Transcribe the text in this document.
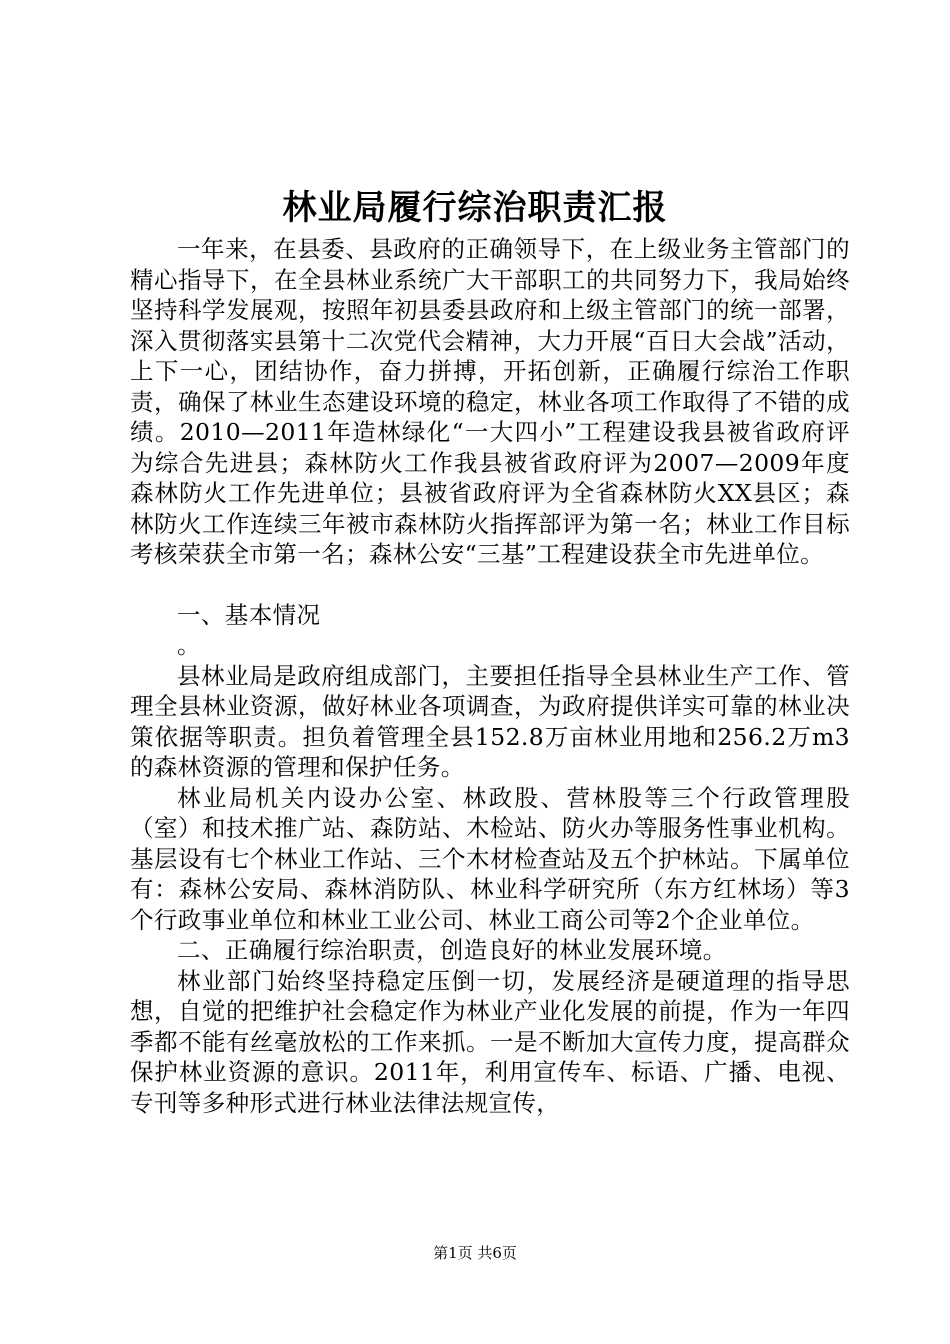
林业局履行综治职责汇报

一年来，在县委、县政府的正确领导下，在上级业务主管部门的精心指导下，在全县林业系统广大干部职工的共同努力下，我局始终坚持科学发展观，按照年初县委县政府和上级主管部门的统一部署，深入贯彻落实县第十二次党代会精神，大力开展“百日大会战”活动，上下一心，团结协作，奋力拼搏，开拓创新，正确履行综治工作职责，确保了林业生态建设环境的稳定，林业各项工作取得了不错的成绩。2010—2011年造林绿化“一大四小”工程建设我县被省政府评为综合先进县；森林防火工作我县被省政府评为2007—2009年度森林防火工作先进单位；县被省政府评为全省森林防火XX县区；森林防火工作连续三年被市森林防火指挥部评为第一名；林业工作目标考核荣获全市第一名；森林公安“三基”工程建设获全市先进单位。

一、基本情况

。

县林业局是政府组成部门，主要担任指导全县林业生产工作、管理全县林业资源，做好林业各项调查，为政府提供详实可靠的林业决策依据等职责。担负着管理全县152.8万亩林业用地和256.2万m3的森林资源的管理和保护任务。

林业局机关内设办公室、林政股、营林股等三个行政管理股（室）和技术推广站、森防站、木检站、防火办等服务性事业机构。基层设有七个林业工作站、三个木材检查站及五个护林站。下属单位有：森林公安局、森林消防队、林业科学研究所（东方红林场）等3个行政事业单位和林业工业公司、林业工商公司等2个企业单位。

二、正确履行综治职责，创造良好的林业发展环境。

林业部门始终坚持稳定压倒一切，发展经济是硬道理的指导思想，自觉的把维护社会稳定作为林业产业化发展的前提，作为一年四季都不能有丝毫放松的工作来抓。一是不断加大宣传力度，提高群众保护林业资源的意识。2011年，利用宣传车、标语、广播、电视、专刊等多种形式进行林业法律法规宣传，

第1页 共6页
